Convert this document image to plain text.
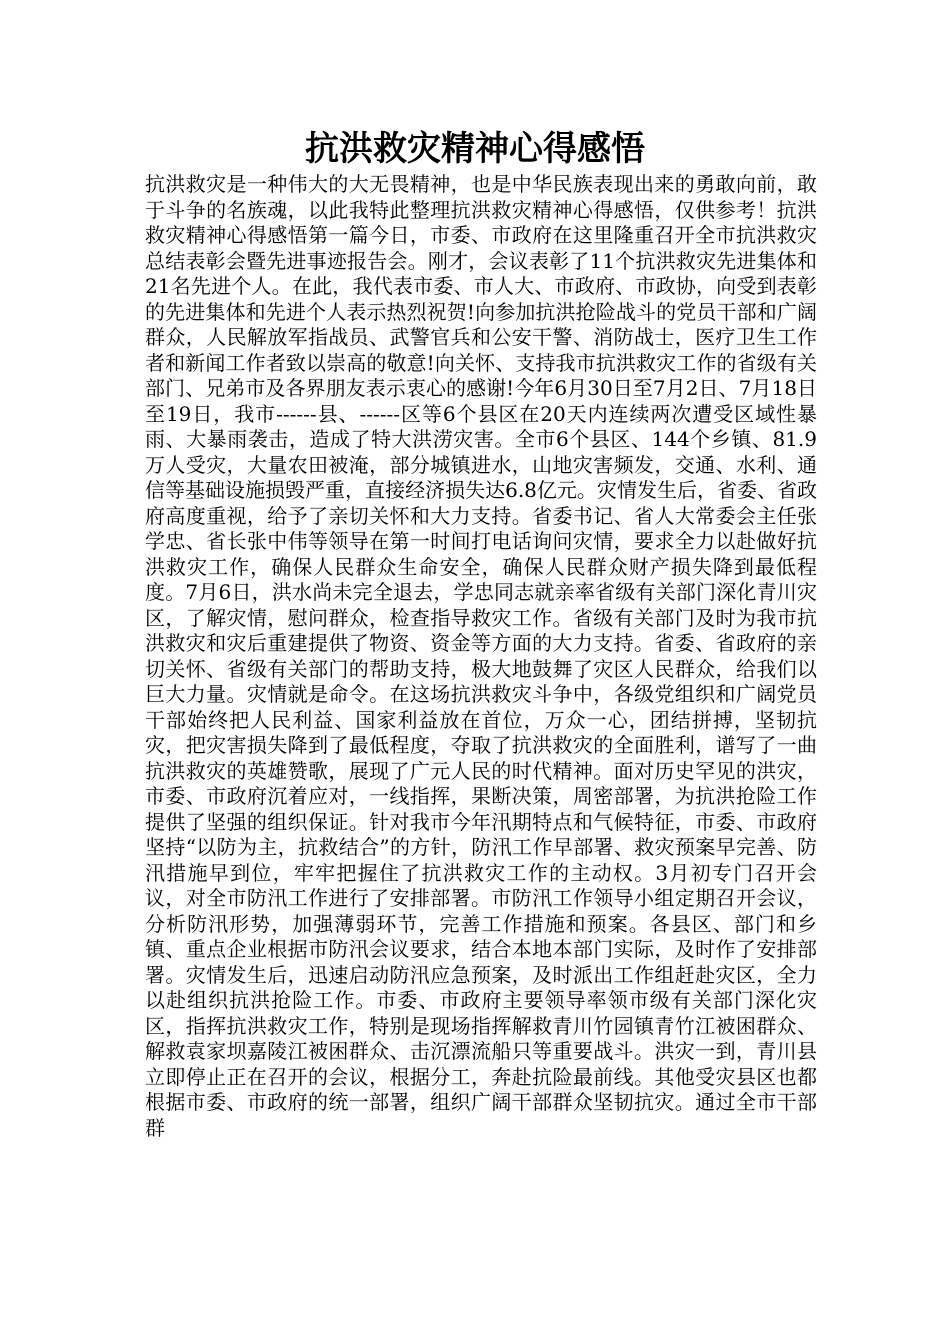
抗洪救灾精神心得感悟

抗洪救灾是一种伟大的大无畏精神，也是中华民族表现出来的勇敢向前，敢于斗争的名族魂，以此我特此整理抗洪救灾精神心得感悟，仅供参考！抗洪救灾精神心得感悟第一篇今日，市委、市政府在这里隆重召开全市抗洪救灾总结表彰会暨先进事迹报告会。刚才，会议表彰了11个抗洪救灾先进集体和21名先进个人。在此，我代表市委、市人大、市政府、市政协，向受到表彰的先进集体和先进个人表示热烈祝贺!向参加抗洪抢险战斗的党员干部和广阔群众，人民解放军指战员、武警官兵和公安干警、消防战士，医疗卫生工作者和新闻工作者致以崇高的敬意!向关怀、支持我市抗洪救灾工作的省级有关部门、兄弟市及各界朋友表示衷心的感谢!今年6月30日至7月2日、7月18日至19日，我市------县、------区等6个县区在20天内连续两次遭受区域性暴雨、大暴雨袭击，造成了特大洪涝灾害。全市6个县区、144个乡镇、81.9万人受灾，大量农田被淹，部分城镇进水，山地灾害频发，交通、水利、通信等基础设施损毁严重，直接经济损失达6.8亿元。灾情发生后，省委、省政府高度重视，给予了亲切关怀和大力支持。省委书记、省人大常委会主任张学忠、省长张中伟等领导在第一时间打电话询问灾情，要求全力以赴做好抗洪救灾工作，确保人民群众生命安全，确保人民群众财产损失降到最低程度。7月6日，洪水尚未完全退去，学忠同志就亲率省级有关部门深化青川灾区，了解灾情，慰问群众，检查指导救灾工作。省级有关部门及时为我市抗洪救灾和灾后重建提供了物资、资金等方面的大力支持。省委、省政府的亲切关怀、省级有关部门的帮助支持，极大地鼓舞了灾区人民群众，给我们以巨大力量。灾情就是命令。在这场抗洪救灾斗争中，各级党组织和广阔党员干部始终把人民利益、国家利益放在首位，万众一心，团结拼搏，坚韧抗灾，把灾害损失降到了最低程度，夺取了抗洪救灾的全面胜利，谱写了一曲抗洪救灾的英雄赞歌，展现了广元人民的时代精神。面对历史罕见的洪灾，市委、市政府沉着应对，一线指挥，果断决策，周密部署，为抗洪抢险工作提供了坚强的组织保证。针对我市今年汛期特点和气候特征，市委、市政府坚持“以防为主，抗救结合”的方针，防汛工作早部署、救灾预案早完善、防汛措施早到位，牢牢把握住了抗洪救灾工作的主动权。3月初专门召开会议，对全市防汛工作进行了安排部署。市防汛工作领导小组定期召开会议，分析防汛形势，加强薄弱环节，完善工作措施和预案。各县区、部门和乡镇、重点企业根据市防汛会议要求，结合本地本部门实际，及时作了安排部署。灾情发生后，迅速启动防汛应急预案，及时派出工作组赶赴灾区，全力以赴组织抗洪抢险工作。市委、市政府主要领导率领市级有关部门深化灾区，指挥抗洪救灾工作，特别是现场指挥解救青川竹园镇青竹江被困群众、解救袁家坝嘉陵江被困群众、击沉漂流船只等重要战斗。洪灾一到，青川县立即停止正在召开的会议，根据分工，奔赴抗险最前线。其他受灾县区也都根据市委、市政府的统一部署，组织广阔干部群众坚韧抗灾。通过全市干部群
